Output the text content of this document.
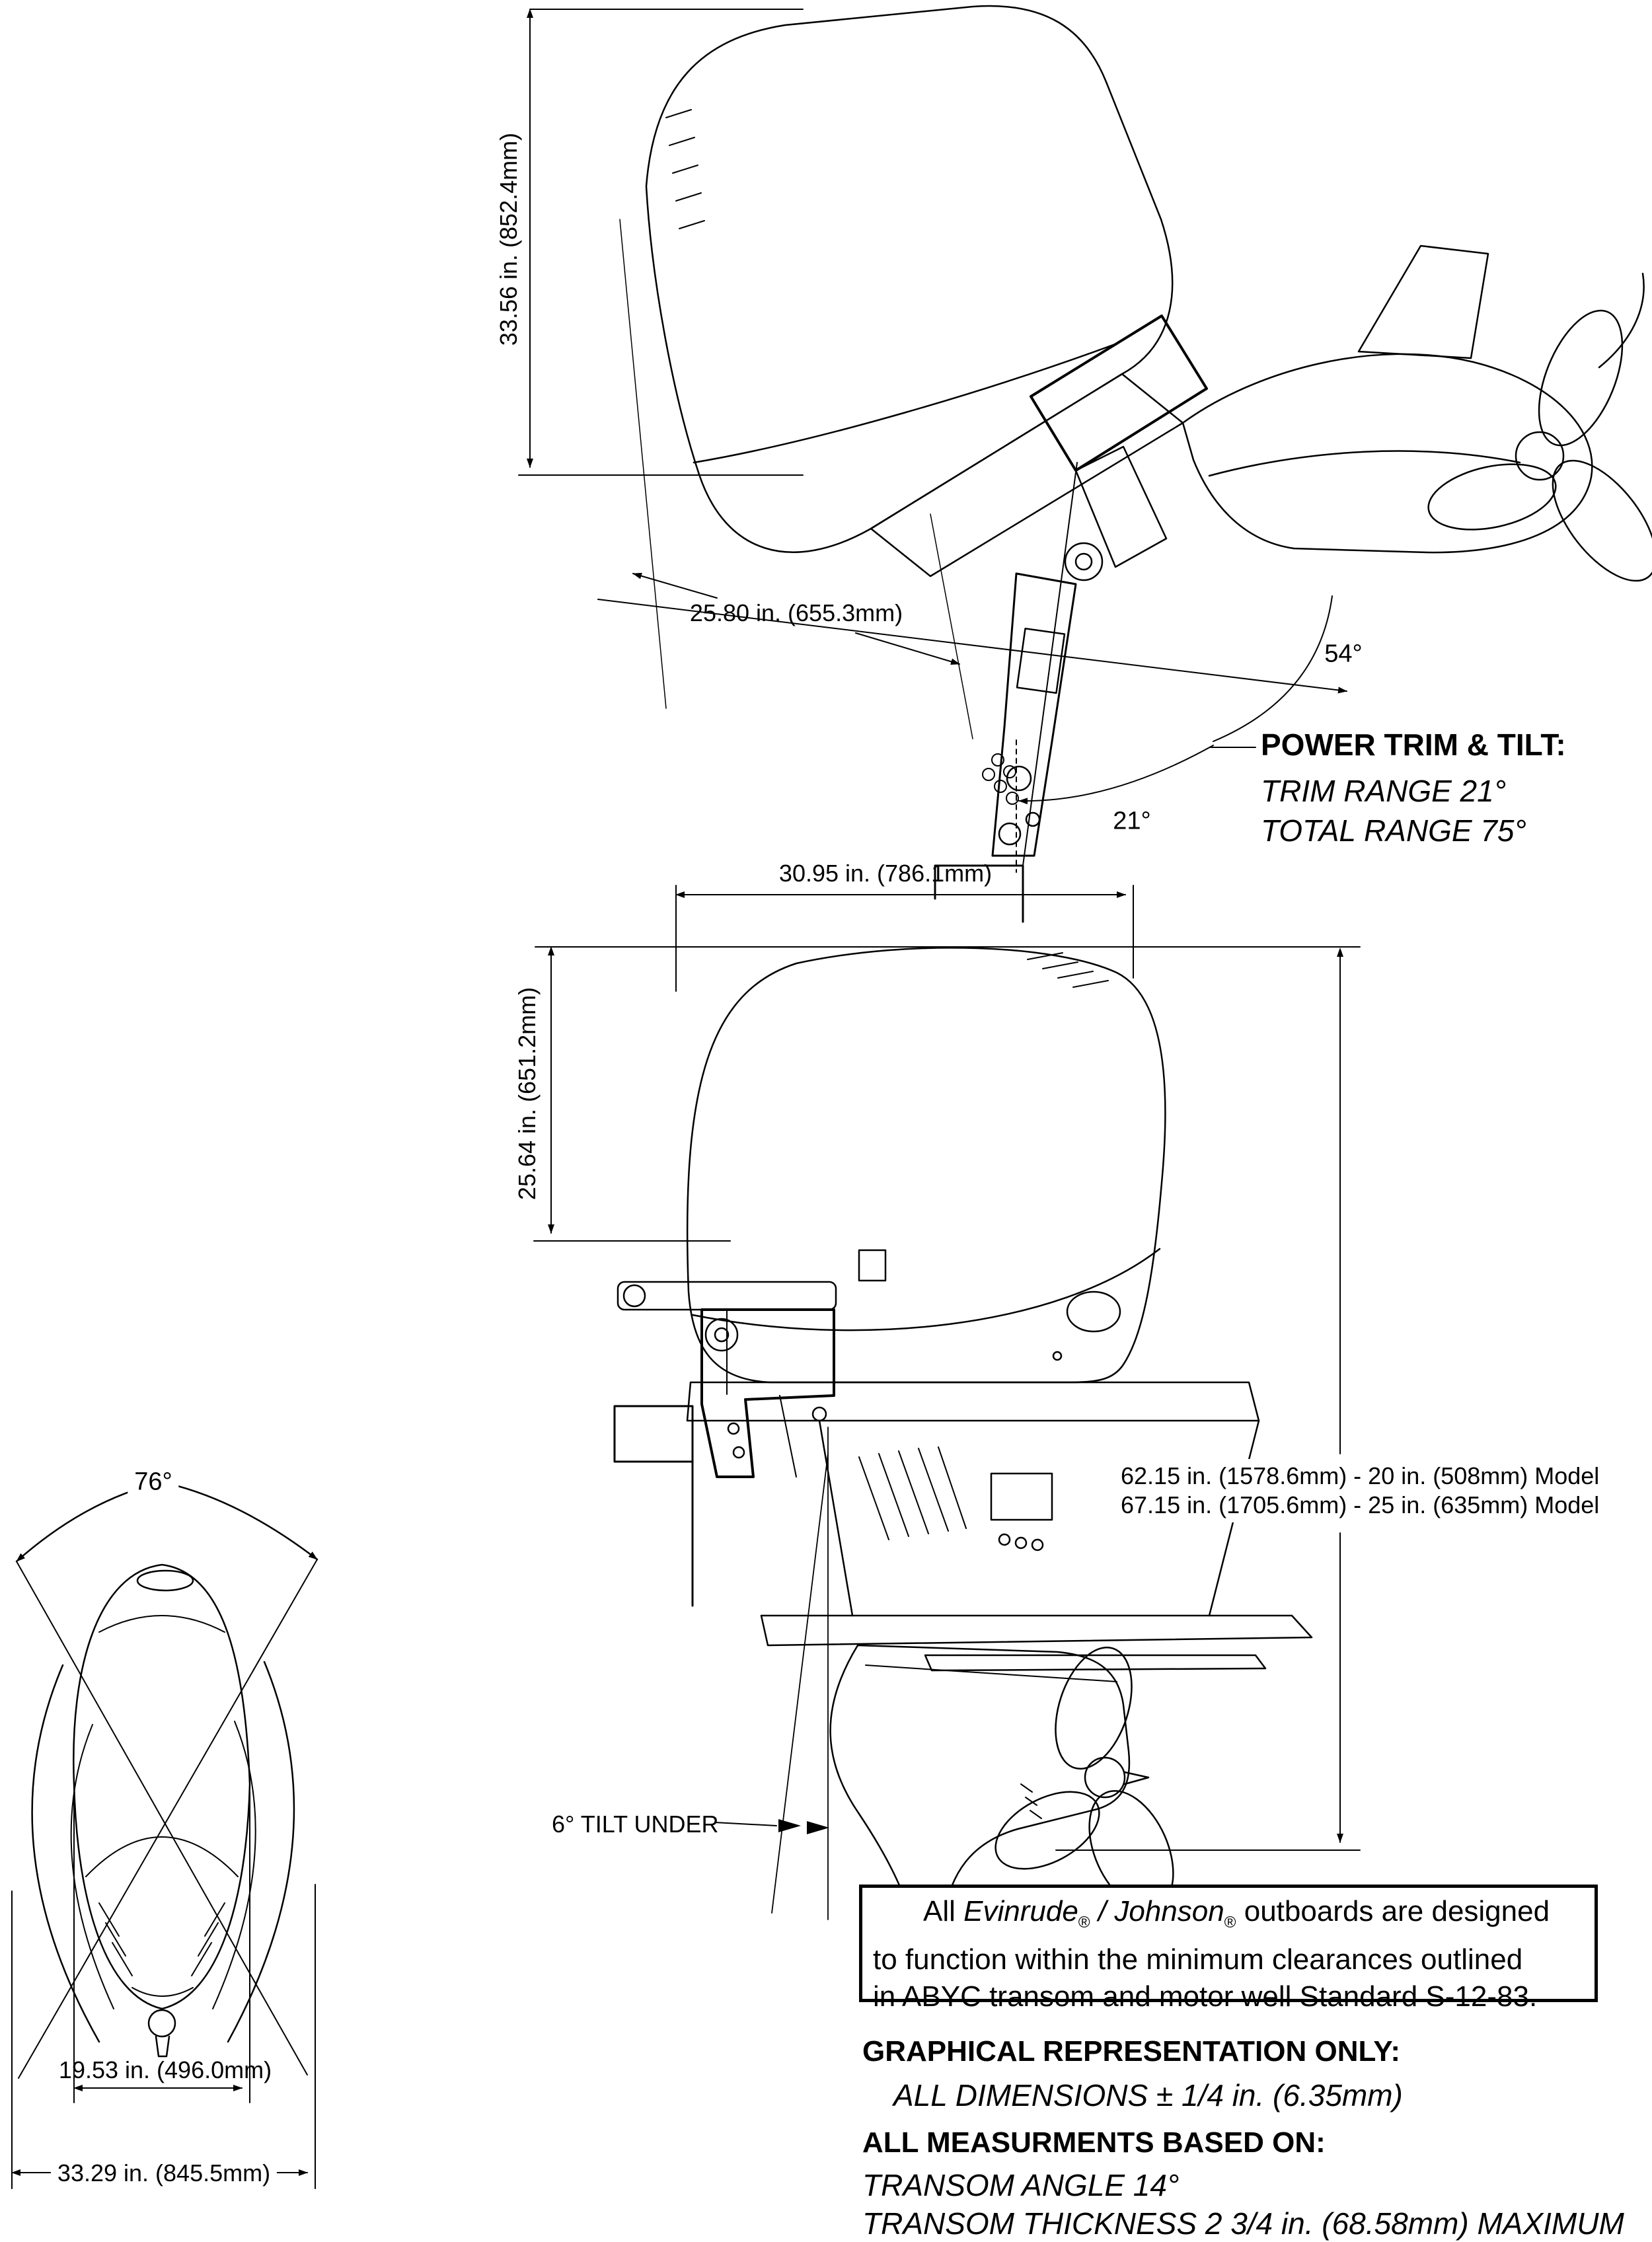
33.56 in. (852.4mm)
25.80 in. (655.3mm)
54°
21°
POWER TRIM & TILT:
TRIM RANGE 21°
TOTAL RANGE 75°
30.95 in. (786.1mm)
25.64 in. (651.2mm)
62.15 in. (1578.6mm) - 20 in. (508mm) Model
67.15 in. (1705.6mm) - 25 in. (635mm) Model
6° TILT UNDER
76°
19.53 in. (496.0mm)
33.29 in. (845.5mm)
All Evinrude$_®$ / Johnson$_®$ outboards are designed
to function within the minimum clearances outlined
in ABYC transom and motor well Standard S-12-83.
GRAPHICAL REPRESENTATION ONLY:
ALL DIMENSIONS ± 1/4 in. (6.35mm)
ALL MEASURMENTS BASED ON:
TRANSOM ANGLE 14°
TRANSOM THICKNESS 2 3/4 in. (68.58mm) MAXIMUM
